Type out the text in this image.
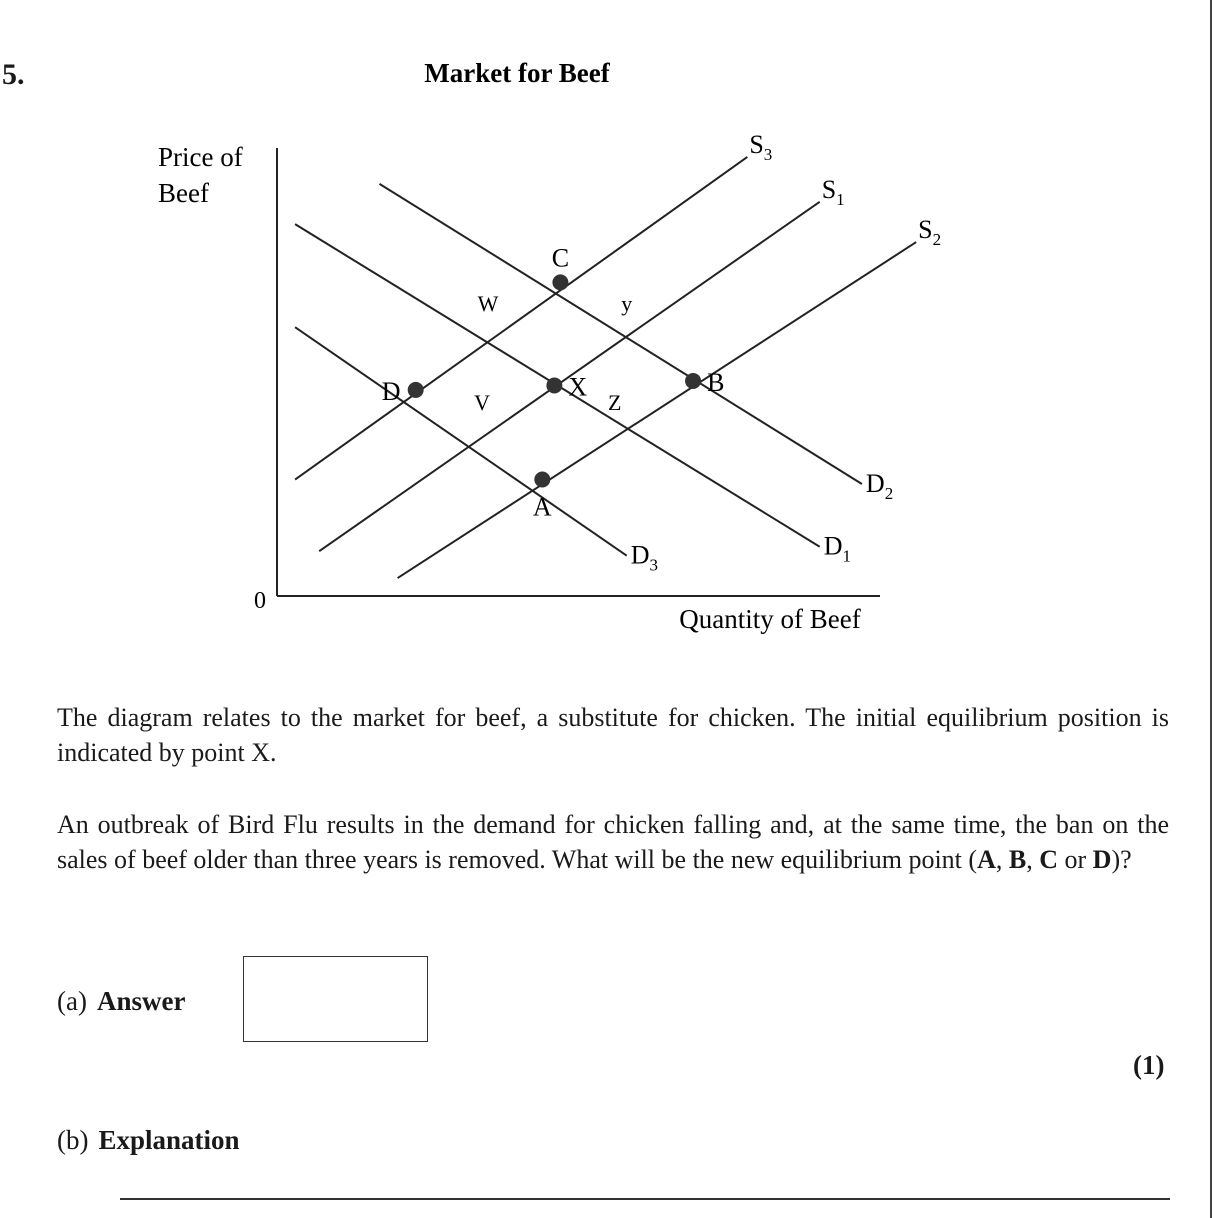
5.	Market for Beef
Price of
Beef
0
Quantity of Beef
$S_3$
$S_1$
$S_2$
$D_1$
$D_2$
$D_3$
C
B
D	X
A
W	y
V	Z

The diagram relates to the market for beef, a substitute for chicken. The initial equilibrium position is indicated by point X.

An outbreak of Bird Flu results in the demand for chicken falling and, at the same time, the ban on the sales of beef older than three years is removed. What will be the new equilibrium point (A, B, C or D)?

(a) Answer
(1)
(b) Explanation
